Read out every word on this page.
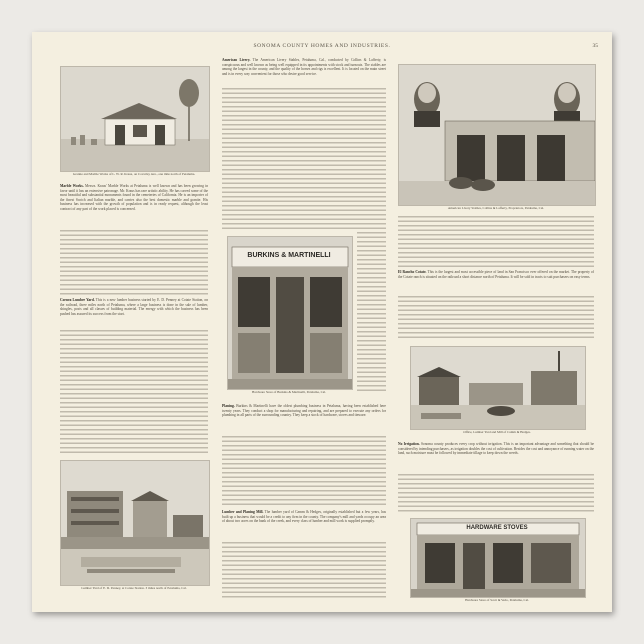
SONOMA COUNTY HOMES AND INDUSTRIES.	35
Granite and Marble Works of L. W. R. Kraus, on Covarlay Ave., one mile north of Petaluma.

Marble Works. Messrs. Kraus' Marble Works at Petaluma is well known and has been growing in favor until it has an extensive patronage. Mr. Kraus has rare artistic ability. He has carved some of the most beautiful and substantial monuments found in the cemeteries of California. He is an importer of the finest Scotch and Italian marble, and carries also the best domestic marble and granite. His business has increased with the growth of population and is in ready request, although the least contract of any part of the work placed is concerned.

Cornea Lumber Yard. This is a new lumber business started by E. D. Penney at Cotate Station, on the railroad, three miles north of Petaluma, where a large business is done in the sale of lumber, shingles, posts and all classes of building material. The energy with which the business has been pushed has assured its success from the start.

Lumber Yard of E. D. Penney, at Cotate Station. 3 miles north of Petaluma, Cal.

American Livery. The American Livery Stables, Petaluma, Cal., conducted by Collins & Lafferty, is conspicuous and well known as being well equipped in its appointments with stock and turnouts. The stables are among the largest in the county, and the quality of the horses and rigs is excellent. It is located on the main street and is in every way convenient for those who desire good service.

BURKINS & MARTINELLI
Hardware Store of Burkins & Martinelli, Petaluma, Cal.

Planing. Burkins & Martinelli have the oldest plumbing business in Petaluma, having been established here twenty years. They conduct a shop for manufacturing and repairing, and are prepared to execute any orders for plumbing in all parts of the surrounding country. They keep a stock of hardware, stoves and tinware.

Lumber and Planing Mill. The lumber yard of Camm & Hedges, originally established but a few years, has built up a business that would be a credit to any firm in the county. The company's mill and yards occupy an area of about two acres on the bank of the creek, and every class of lumber and mill work is supplied promptly.

American Livery Stables, Collins & Lafferty, Proprietors, Petaluma, Cal.

El Rancho Cotate. This is the largest and most accessible piece of land in San Francisco ever offered on the market. The property of the Cotate ranch is situated on the railroad a short distance north of Petaluma. It will be sold in tracts to suit purchasers on easy terms.

Office, Lumber Yard and Mill of Camm & Hedges.

No Irrigation. Sonoma county produces every crop without irrigation. This is an important advantage and something that should be considered by intending purchasers, as irrigation doubles the cost of cultivation. Besides the cost and annoyance of running water on the land, such moisture must be followed by immediate tillage to keep down the weeds.

HARDWARE STOVES
Hardware Store of Scott & Vedo, Petaluma, Cal.
